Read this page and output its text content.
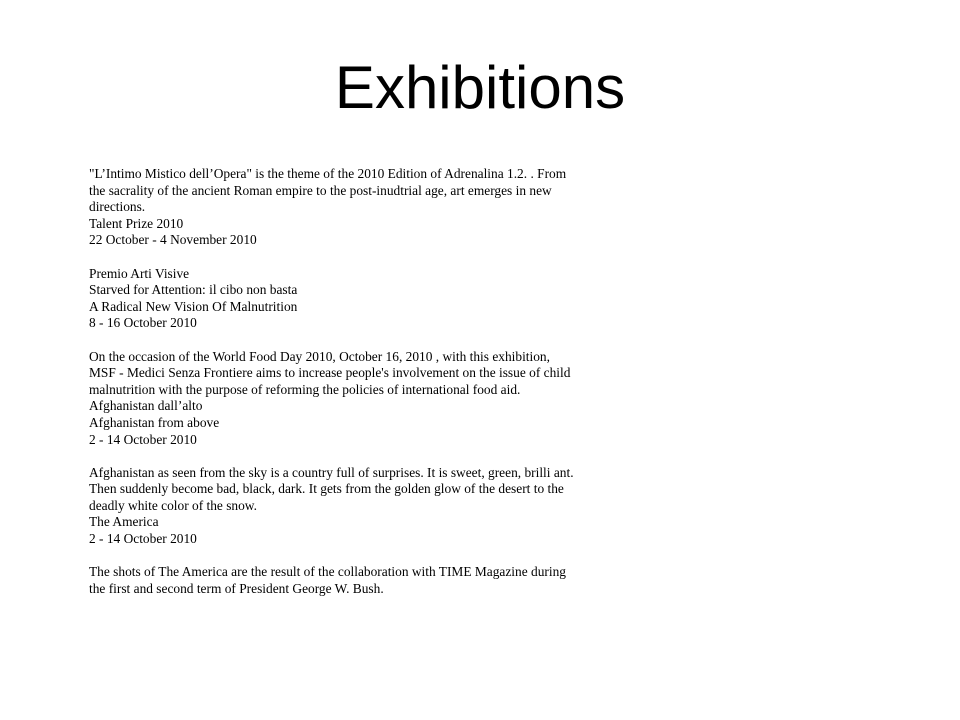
Exhibitions
"L’Intimo Mistico dell’Opera" is the theme of the 2010 Edition of Adrenalina 1.2. . From
the sacrality of the ancient Roman empire to the post-inudtrial age, art emerges in new
directions.
Talent Prize 2010
22 October - 4 November 2010
Premio Arti Visive
Starved for Attention: il cibo non basta
A Radical New Vision Of Malnutrition
8 - 16 October 2010
On the occasion of the World Food Day 2010, October 16, 2010 , with this exhibition,
MSF - Medici Senza Frontiere aims to increase people's involvement on the issue of child
malnutrition with the purpose of reforming the policies of international food aid.
Afghanistan dall’alto
Afghanistan from above
2 - 14 October 2010
Afghanistan as seen from the sky is a country full of surprises. It is sweet, green, brilli ant.
Then suddenly become bad, black, dark. It gets from the golden glow of the desert to the
deadly white color of the snow.
The America
2 - 14 October 2010
The shots of The America are the result of the collaboration with TIME Magazine during
the first and second term of President George W. Bush.
